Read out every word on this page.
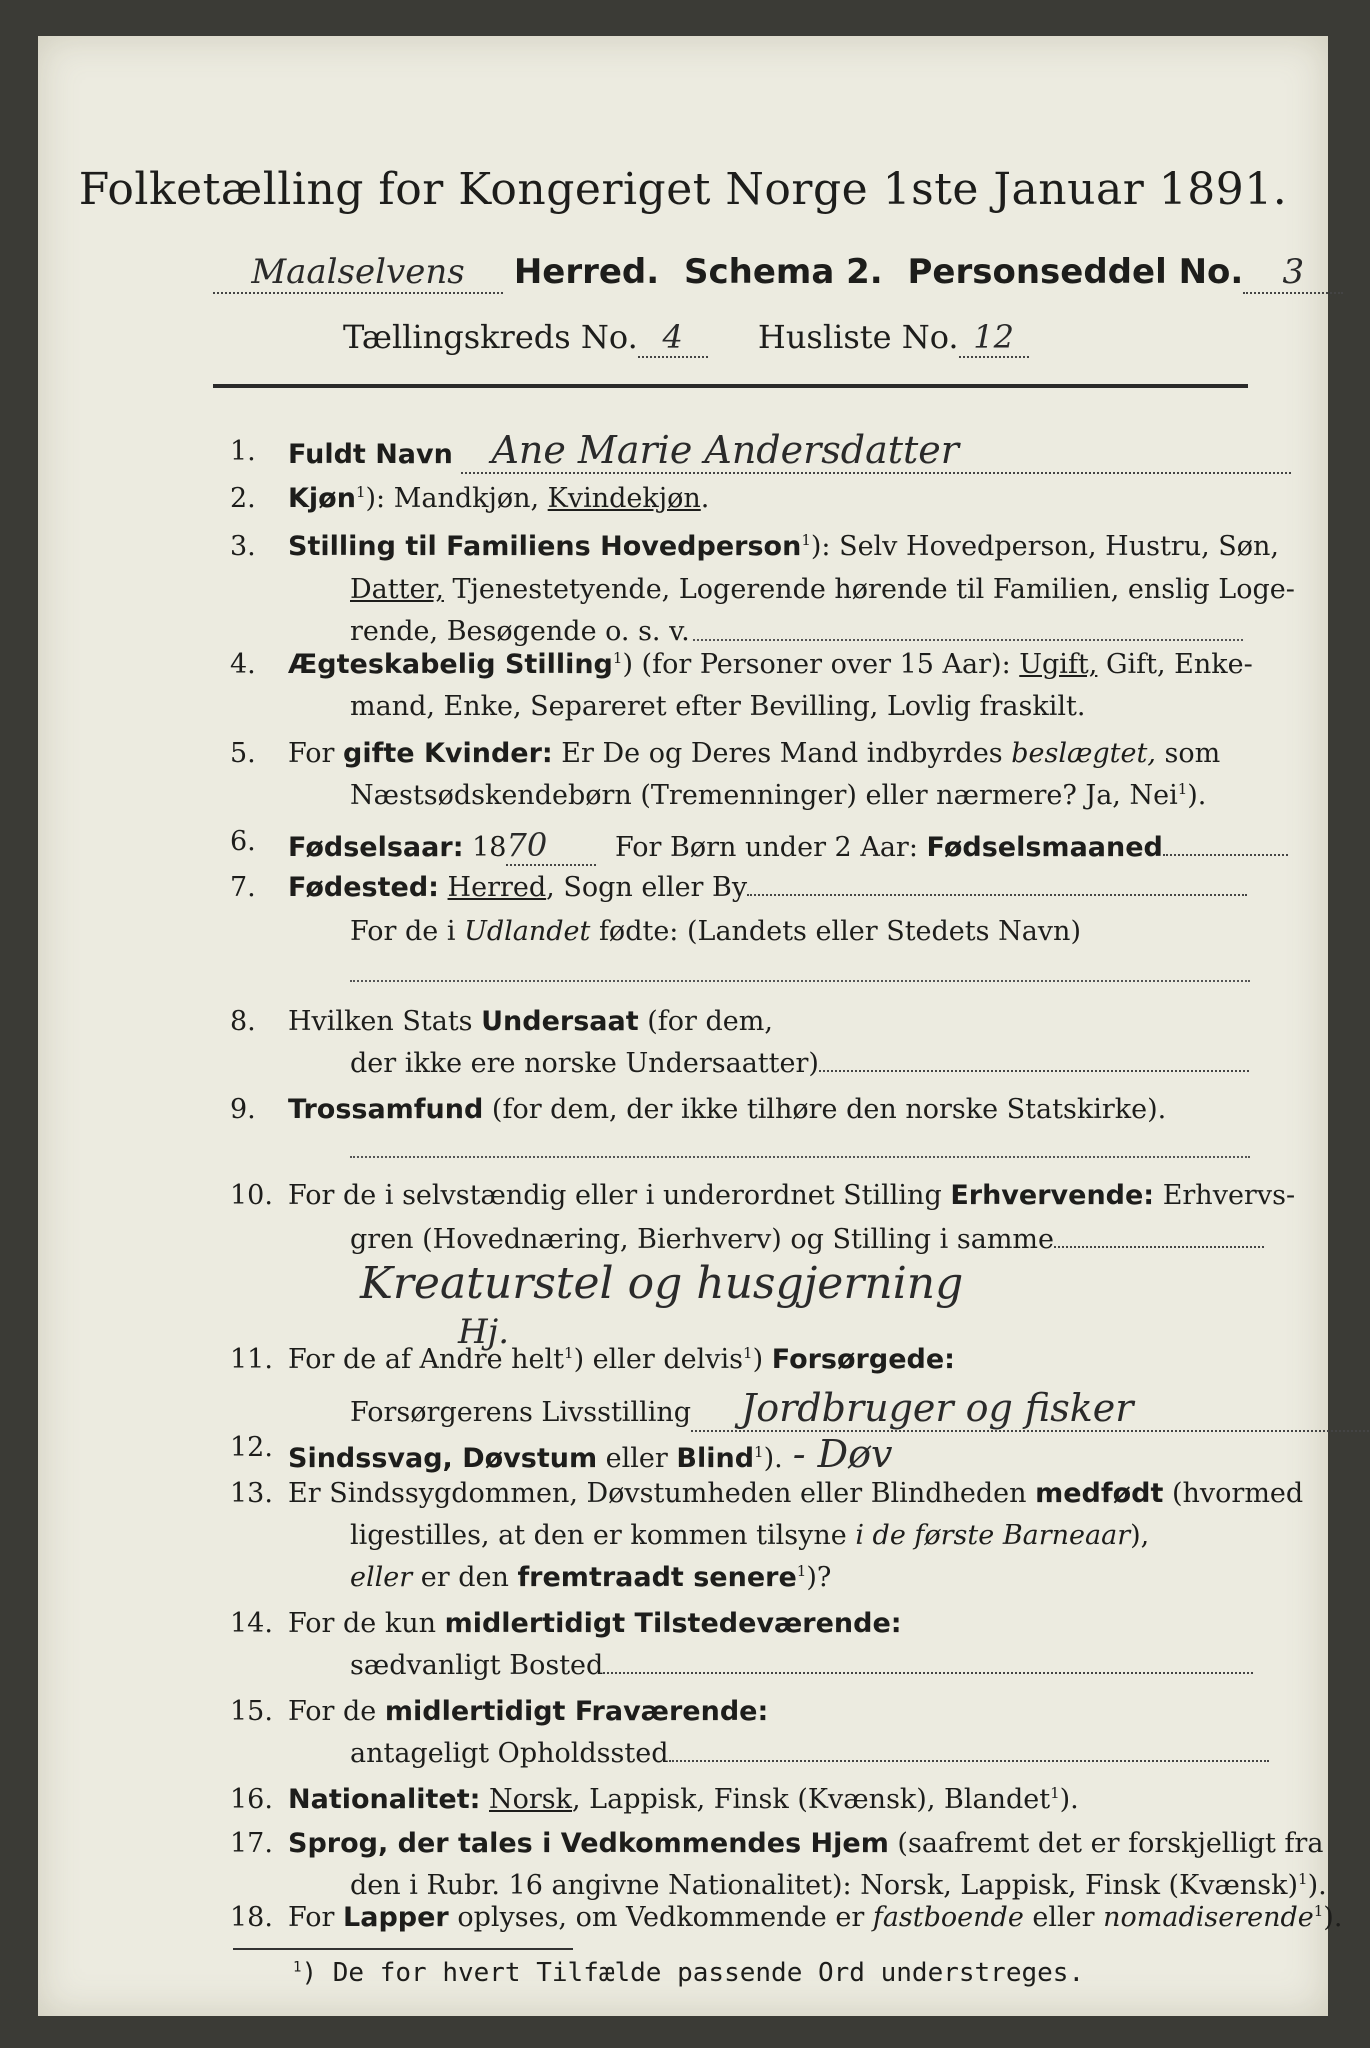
Folketælling for Kongeriget Norge 1ste Januar 1891.
Maalselvens Herred. Schema 2. Personseddel No. 3
Tællingskreds No. 4 Husliste No. 12
1. Fuldt Navn Ane Marie Andersdatter
2. Kjøn$^1$): Mandkjøn, Kvindekjøn.
3. Stilling til Familiens Hovedperson$^1$): Selv Hovedperson, Hustru, Søn,
Datter, Tjenestetyende, Logerende hørende til Familien, enslig Loge-
rende, Besøgende o. s. v.
4. Ægteskabelig Stilling$^1$) (for Personer over 15 Aar): Ugift, Gift, Enke-
mand, Enke, Separeret efter Bevilling, Lovlig fraskilt.
5. For gifte Kvinder: Er De og Deres Mand indbyrdes beslægtet, som
Næstsødskendebørn (Tremenninger) eller nærmere? Ja, Nei$^1$).
6. Fødselsaar: 1870	For Børn under 2 Aar: Fødselsmaaned
7. Fødested: Herred, Sogn eller By
For de i Udlandet fødte: (Landets eller Stedets Navn)
8. Hvilken Stats Undersaat (for dem,
der ikke ere norske Undersaatter)
9. Trossamfund (for dem, der ikke tilhøre den norske Statskirke).
10. For de i selvstændig eller i underordnet Stilling Erhvervende: Erhvervs-
gren (Hovednæring, Bierhverv) og Stilling i samme
Kreaturstel og husgjerning
Hj.
11. For de af Andre helt$^1$) eller delvis$^1$) Forsørgede:
Forsørgerens Livsstilling Jordbruger og fisker
12. Sindssvag, Døvstum eller Blind$^1$). - Døv
13. Er Sindssygdommen, Døvstumheden eller Blindheden medfødt (hvormed
ligestilles, at den er kommen tilsyne i de første Barneaar),
eller er den fremtraadt senere$^1$)?
14. For de kun midlertidigt Tilstedeværende:
sædvanligt Bosted
15. For de midlertidigt Fraværende:
antageligt Opholdssted
16. Nationalitet: Norsk, Lappisk, Finsk (Kvænsk), Blandet$^1$).
17. Sprog, der tales i Vedkommendes Hjem (saafremt det er forskjelligt fra
den i Rubr. 16 angivne Nationalitet): Norsk, Lappisk, Finsk (Kvænsk)$^1$).
18. For Lapper oplyses, om Vedkommende er fastboende eller nomadiserende$^1$).
$^1$) De for hvert Tilfælde passende Ord understreges.
